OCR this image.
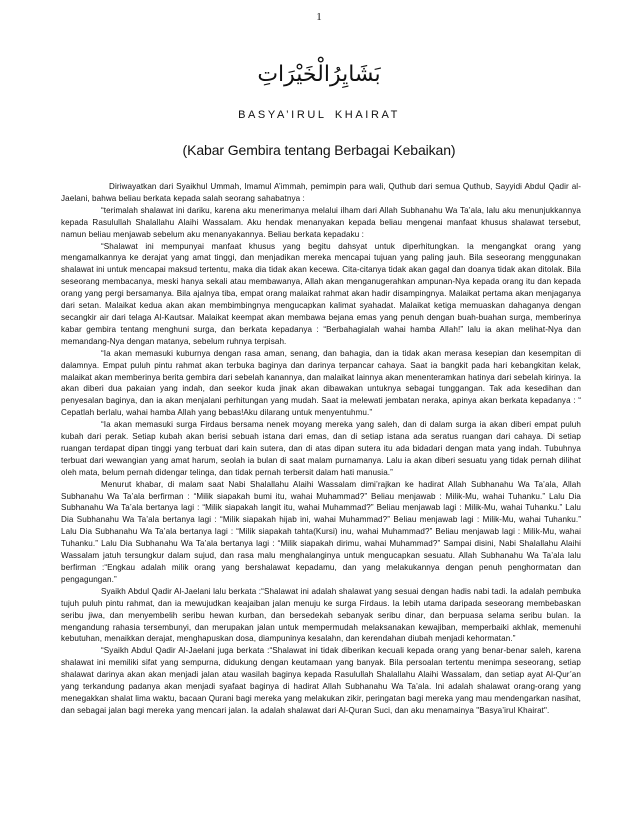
1
بَشَايِرُالْخَيْرَاتِ
BASYA’IRUL KHAIRAT
(Kabar Gembira tentang Berbagai Kebaikan)

Diriwayatkan dari Syaikhul Ummah, Imamul A’immah, pemimpin para wali, Quthub dari semua Quthub, Sayyidi Abdul Qadir al-Jaelani, bahwa beliau berkata kepada salah seorang sahabatnya :

“terimalah shalawat ini dariku, karena aku menerimanya melalui ilham dari Allah Subhanahu Wa Ta’ala, lalu aku menunjukkannya kepada Rasulullah Shalallahu Alaihi Wassalam. Aku hendak menanyakan kepada beliau mengenai manfaat khusus shalawat tersebut, namun beliau menjawab sebelum aku menanyakannya. Beliau berkata kepadaku :

“Shalawat ini mempunyai manfaat khusus yang begitu dahsyat untuk diperhitungkan. Ia mengangkat orang yang mengamalkannya ke derajat yang amat tinggi, dan menjadikan mereka mencapai tujuan yang paling jauh. Bila seseorang menggunakan shalawat ini untuk mencapai maksud tertentu, maka dia tidak akan kecewa. Cita-citanya tidak akan gagal dan doanya tidak akan ditolak. Bila seseorang membacanya, meski hanya sekali atau membawanya, Allah akan menganugerahkan ampunan-Nya kepada orang itu dan kepada orang yang pergi bersamanya. Bila ajalnya tiba, empat orang malaikat rahmat akan hadir disampingnya. Malaikat pertama akan menjaganya dari setan. Malaikat kedua akan akan membimbingnya mengucapkan kalimat syahadat. Malaikat ketiga memuaskan dahaganya dengan secangkir air dari telaga Al-Kautsar. Malaikat keempat akan membawa bejana emas yang penuh dengan buah-buahan surga, memberinya kabar gembira tentang menghuni surga, dan berkata kepadanya : “Berbahagialah wahai hamba Allah!” lalu ia akan melihat-Nya dan memandang-Nya dengan matanya, sebelum ruhnya terpisah.

“Ia akan memasuki kuburnya dengan rasa aman, senang, dan bahagia, dan ia tidak akan merasa kesepian dan kesempitan di dalamnya. Empat puluh pintu rahmat akan terbuka baginya dan darinya terpancar cahaya. Saat ia bangkit pada hari kebangkitan kelak, malaikat akan memberinya berita gembira dari sebelah kanannya, dan malaikat lainnya akan menenteramkan hatinya dari sebelah kirinya. Ia akan diberi dua pakaian yang indah, dan seekor kuda jinak akan dibawakan untuknya sebagai tunggangan. Tak ada kesedihan dan penyesalan baginya, dan ia akan menjalani perhitungan yang mudah. Saat ia melewati jembatan neraka, apinya akan berkata kepadanya : “ Cepatlah berlalu, wahai hamba Allah yang bebas!Aku dilarang untuk menyentuhmu.”

“Ia akan memasuki surga Firdaus bersama nenek moyang mereka yang saleh, dan di dalam surga ia akan diberi empat puluh kubah dari perak. Setiap kubah akan berisi sebuah istana dari emas, dan di setiap istana ada seratus ruangan dari cahaya. Di setiap ruangan terdapat dipan tinggi yang terbuat dari kain sutera, dan di atas dipan sutera itu ada bidadari dengan mata yang indah. Tubuhnya terbuat dari wewangian yang amat harum, seolah ia bulan di saat malam purnamanya. Lalu ia akan diberi sesuatu yang tidak pernah dilihat oleh mata, belum pernah didengar telinga, dan tidak pernah terbersit dalam hati manusia.”

Menurut khabar, di malam saat Nabi Shalallahu Alaihi Wassalam dimi’rajkan ke hadirat Allah Subhanahu Wa Ta’ala, Allah Subhanahu Wa Ta’ala berfirman : “Milik siapakah bumi itu, wahai Muhammad?” Beliau menjawab : Milik-Mu, wahai Tuhanku.” Lalu Dia Subhanahu Wa Ta’ala bertanya lagi : “Milik siapakah langit itu, wahai Muhammad?” Beliau menjawab lagi : Milik-Mu, wahai Tuhanku.” Lalu Dia Subhanahu Wa Ta’ala bertanya lagi : “Milik siapakah hijab ini, wahai Muhammad?” Beliau menjawab lagi : Milik-Mu, wahai Tuhanku.” Lalu Dia Subhanahu Wa Ta’ala bertanya lagi : “Milik siapakah tahta(Kursi) inu, wahai Muhammad?” Beliau menjawab lagi : Milik-Mu, wahai Tuhanku.” Lalu Dia Subhanahu Wa Ta’ala bertanya lagi : “Milik siapakah dirimu, wahai Muhammad?” Sampai disini, Nabi Shalallahu Alaihi Wassalam jatuh tersungkur dalam sujud, dan rasa malu menghalanginya untuk mengucapkan sesuatu. Allah Subhanahu Wa Ta’ala lalu berfirman :“Engkau adalah milik orang yang bershalawat kepadamu, dan yang melakukannya dengan penuh penghormatan dan pengagungan.”

Syaikh Abdul Qadir Al-Jaelani lalu berkata :“Shalawat ini adalah shalawat yang sesuai dengan hadis nabi tadi. Ia adalah pembuka tujuh puluh pintu rahmat, dan ia mewujudkan keajaiban jalan menuju ke surga Firdaus. Ia lebih utama daripada seseorang membebaskan seribu jiwa, dan menyembelih seribu hewan kurban, dan bersedekah sebanyak seribu dinar, dan berpuasa selama seribu bulan. Ia mengandung rahasia tersembunyi, dan merupakan jalan untuk mempermudah melaksanakan kewajiban, memperbaiki akhlak, memenuhi kebutuhan, menaikkan derajat, menghapuskan dosa, diampuninya kesalahn, dan kerendahan diubah menjadi kehormatan.”

“Syaikh Abdul Qadir Al-Jaelani juga berkata :“Shalawat ini tidak diberikan kecuali kepada orang yang benar-benar saleh, karena shalawat ini memiliki sifat yang sempurna, didukung dengan keutamaan yang banyak. Bila persoalan tertentu menimpa seseorang, setiap shalawat darinya akan akan menjadi jalan atau wasilah baginya kepada Rasulullah Shalallahu Alaihi Wassalam, dan setiap ayat Al-Qur’an yang terkandung padanya akan menjadi syafaat baginya di hadirat Allah Subhanahu Wa Ta’ala. Ini adalah shalawat orang-orang yang menegakkan shalat lima waktu, bacaan Qurani bagi mereka yang melakukan zikir, peringatan bagi mereka yang mau mendengarkan nasihat, dan sebagai jalan bagi mereka yang mencari jalan. Ia adalah shalawat dari Al-Quran Suci, dan aku menamainya "Basya’irul Khairat".
